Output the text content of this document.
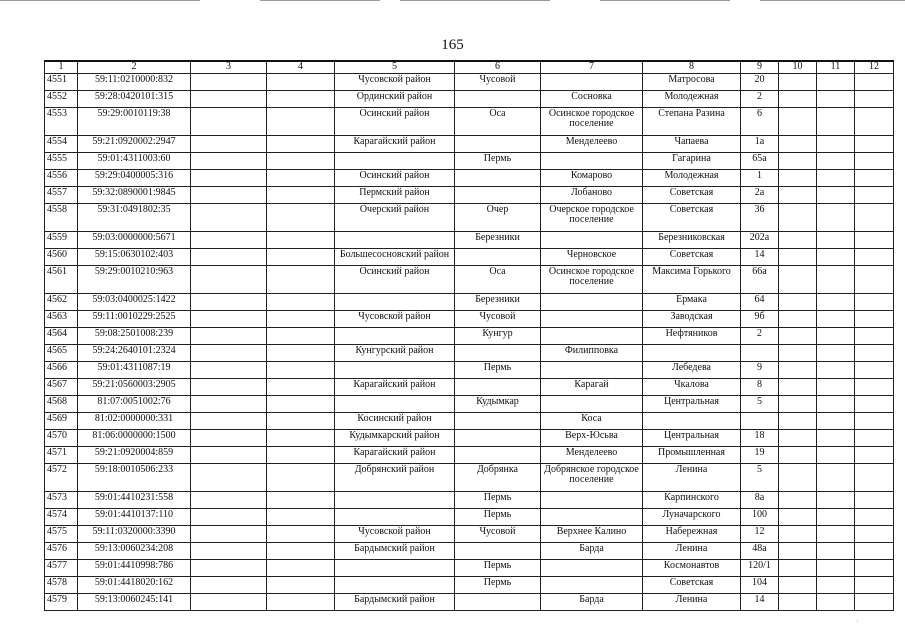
165
1	2	3	4	5	6	7	8	9	10	11	12
4551	59:11:0210000:832			Чусовской район	Чусовой		Матросова	20			
4552	59:28:0420101:315			Ординский район		Сосновка	Молодежная	2			
4553	59:29:0010119:38			Осинский район	Оса	Осинское городское поселение	Степана Разина	6			
4554	59:21:0920002:2947			Карагайский район		Менделеево	Чапаева	1а			
4555	59:01:4311003:60				Пермь		Гагарина	65а			
4556	59:29:0400005:316			Осинский район		Комарово	Молодежная	1			
4557	59:32:0890001:9845			Пермский район		Лобаново	Советская	2а			
4558	59:31:0491802:35			Очерский район	Очер	Очерское городское поселение	Советская	36			
4559	59:03:0000000:5671				Березники		Березниковская	202а			
4560	59:15:0630102:403			Большесосновский район		Черновское	Советская	14			
4561	59:29:0010210:963			Осинский район	Оса	Осинское городское поселение	Максима Горького	66а			
4562	59:03:0400025:1422				Березники		Ермака	64			
4563	59:11:0010229:2525			Чусовской район	Чусовой		Заводская	9б			
4564	59:08:2501008:239				Кунгур		Нефтяников	2			
4565	59:24:2640101:2324			Кунгурский район		Филипповка					
4566	59:01:4311087:19				Пермь		Лебедева	9			
4567	59:21:0560003:2905			Карагайский район		Карагай	Чкалова	8			
4568	81:07:0051002:76				Кудымкар		Центральная	5			
4569	81:02:0000000:331			Косинский район		Коса					
4570	81:06:0000000:1500			Кудымкарский район		Верх-Юсьва	Центральная	18			
4571	59:21:0920004:859			Карагайский район		Менделеево	Промышленная	19			
4572	59:18:0010506:233			Добрянский район	Добрянка	Добрянское городское поселение	Ленина	5			
4573	59:01:4410231:558				Пермь		Карпинского	8а			
4574	59:01:4410137:110				Пермь		Луначарского	100			
4575	59:11:0320000:3390			Чусовской район	Чусовой	Верхнее Калино	Набережная	12			
4576	59:13:0060234:208			Бардымский район		Барда	Ленина	48а			
4577	59:01:4410998:786				Пермь		Космонавтов	120/1			
4578	59:01:4418020:162				Пермь		Советская	104			
4579	59:13:0060245:141			Бардымский район		Барда	Ленина	14			
·
